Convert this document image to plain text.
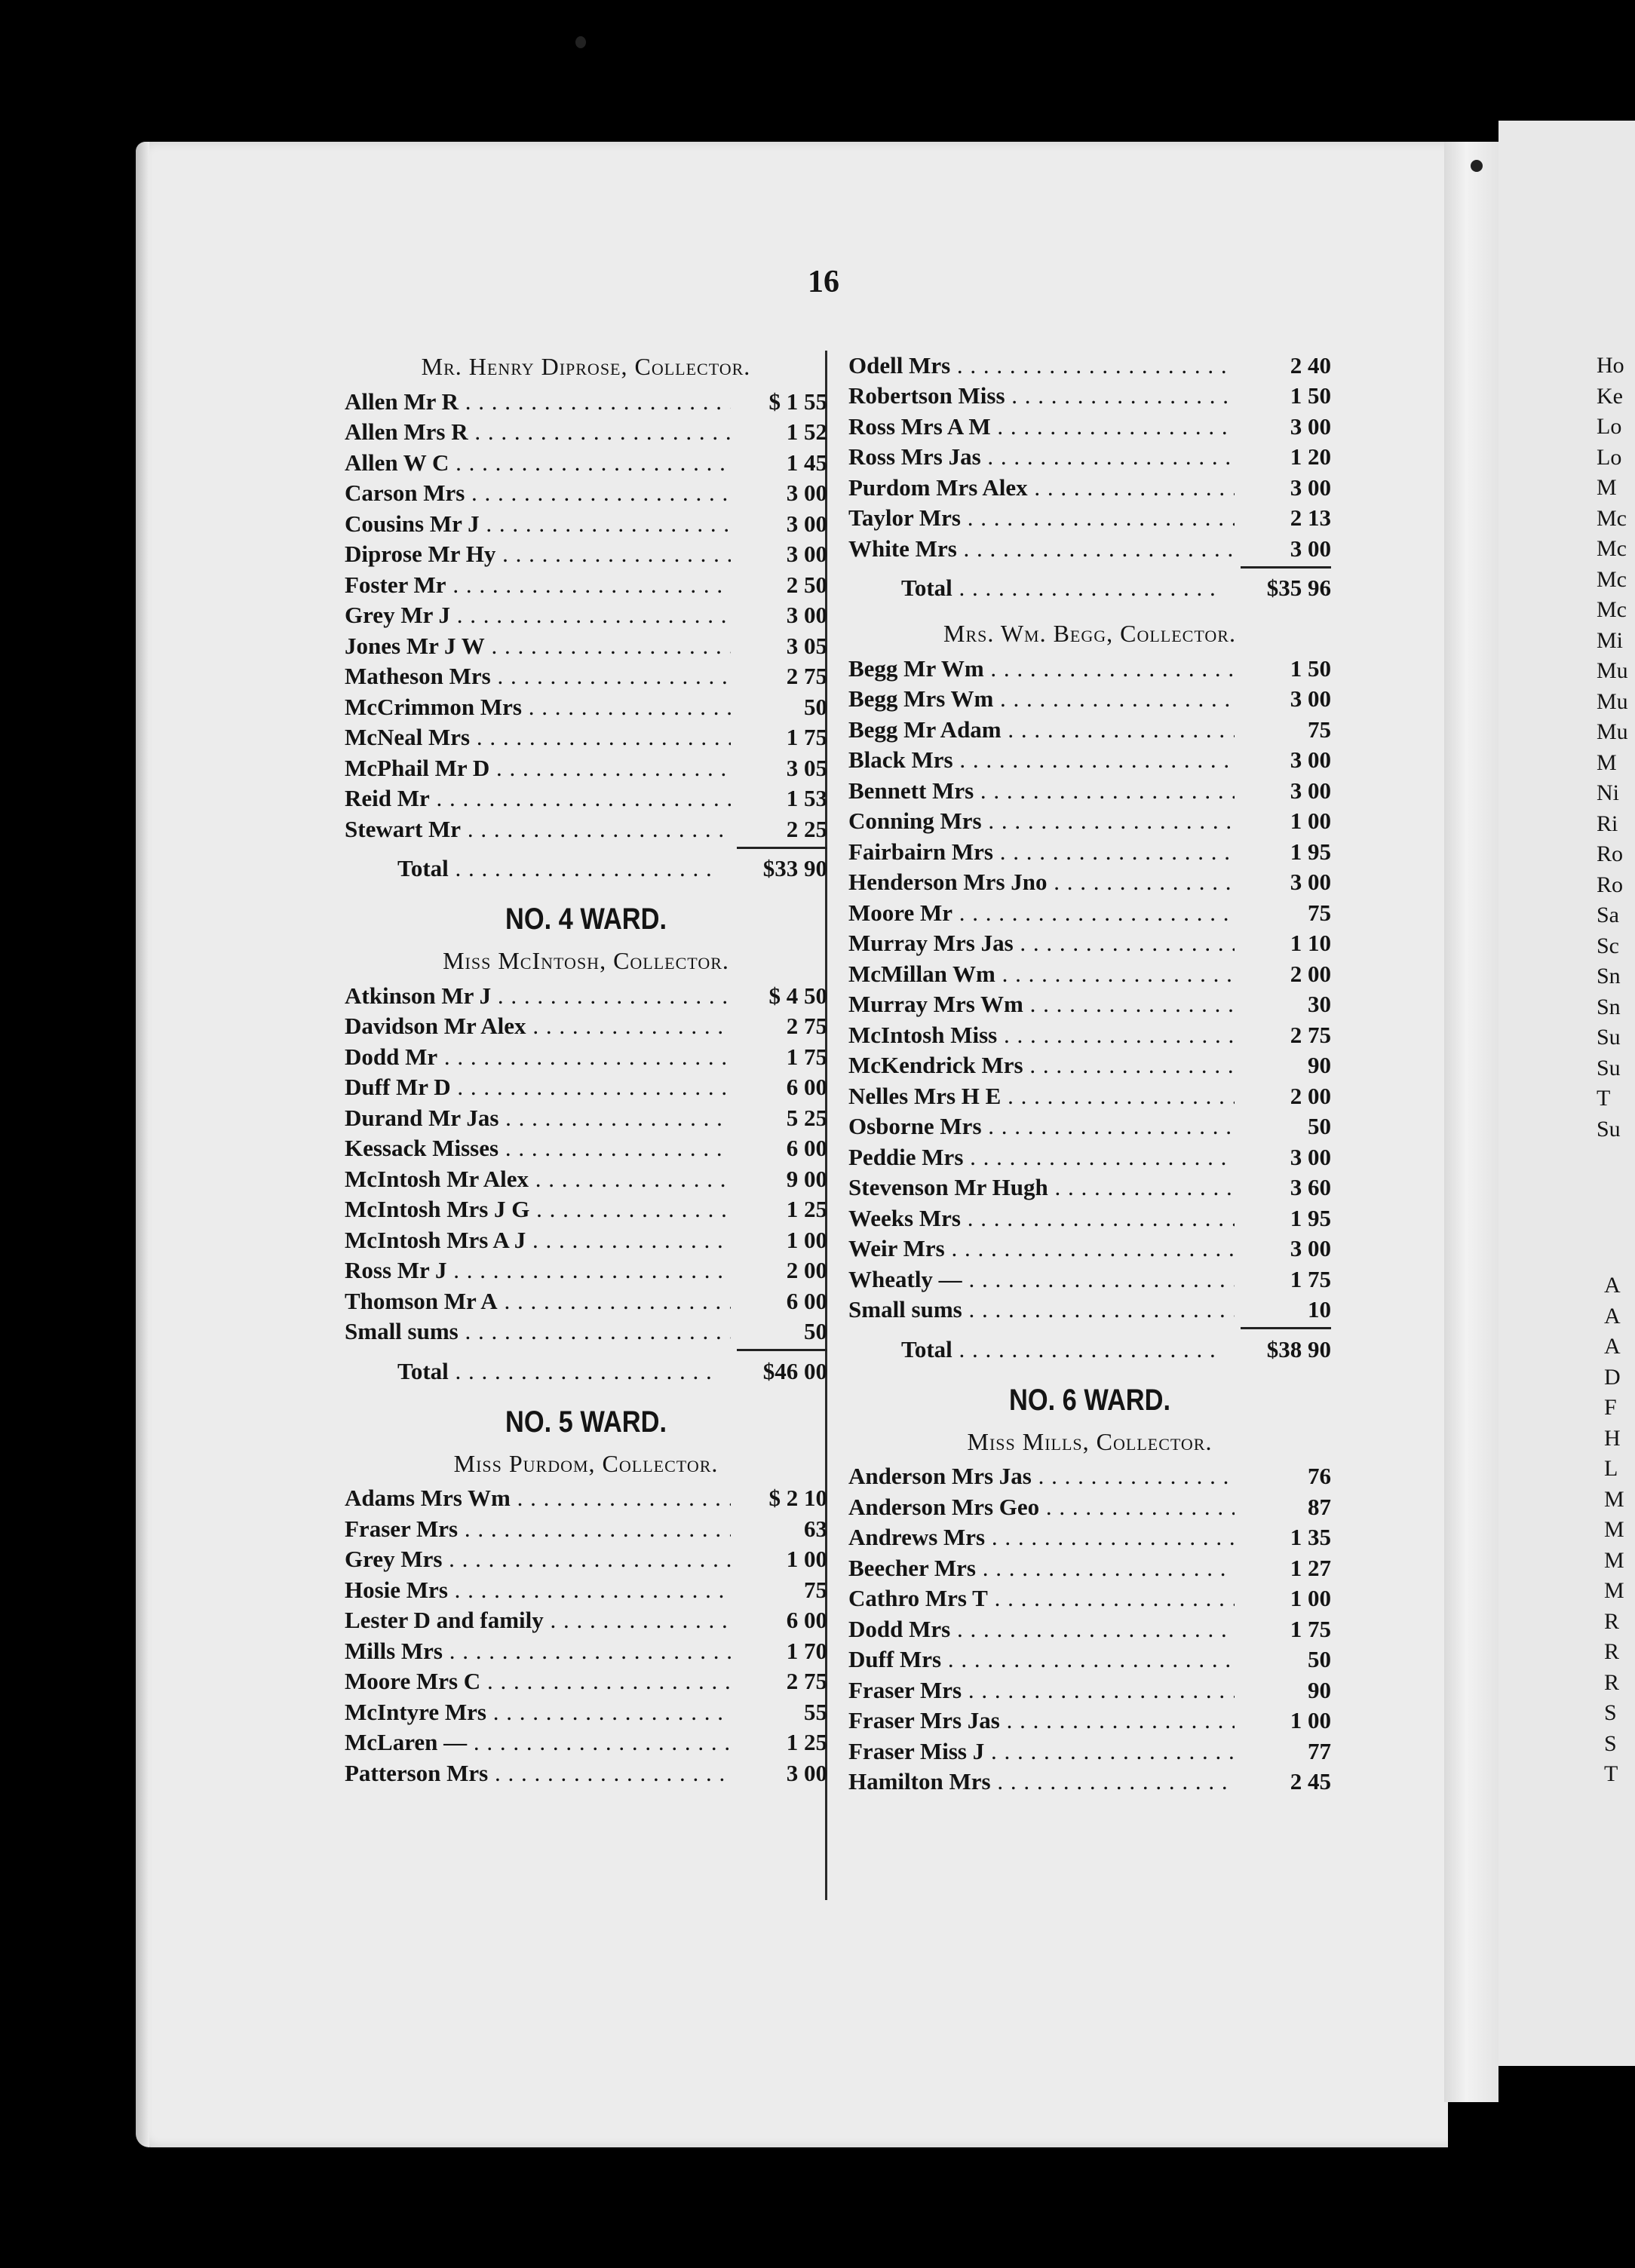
Ho
Ke
Lo
Lo
M
Mc
Mc
Mc
Mc
Mi
Mu
Mu
Mu
M
Ni
Ri
Ro
Ro
Sa
Sc
Sn
Sn
Su
Su
T
Su
A
A
A
D
F
H
L
M
M
M
M
R
R
R
S
S
T
16
Mr. Henry Diprose, Collector.
Allen Mr R . . .	$ 1 55
Allen Mrs R . . .	1 52
Allen W C . . .	1 45
Carson Mrs . . .	3 00
Cousins Mr J . . .	3 00
Diprose Mr Hy . . .	3 00
Foster Mr . . .	2 50
Grey Mr J . . .	3 00
Jones Mr J W . . .	3 05
Matheson Mrs . . .	2 75
McCrimmon Mrs . . .	50
McNeal Mrs . . .	1 75
McPhail Mr D . . .	3 05
Reid Mr . . .	1 53
Stewart Mr . . .	2 25
Total . . .	$33 90
NO. 4 WARD.
Miss McIntosh, Collector.
Atkinson Mr J . . .	$ 4 50
Davidson Mr Alex . . .	2 75
Dodd Mr . . .	1 75
Duff Mr D . . .	6 00
Durand Mr Jas . . .	5 25
Kessack Misses . . .	6 00
McIntosh Mr Alex . . .	9 00
McIntosh Mrs J G . . .	1 25
McIntosh Mrs A J . . .	1 00
Ross Mr J . . .	2 00
Thomson Mr A . . .	6 00
Small sums . . .	50
Total . . .	$46 00
NO. 5 WARD.
Miss Purdom, Collector.
Adams Mrs Wm . . .	$ 2 10
Fraser Mrs . . .	63
Grey Mrs . . .	1 00
Hosie Mrs . . .	75
Lester D and family . . .	6 00
Mills Mrs . . .	1 70
Moore Mrs C . . .	2 75
McIntyre Mrs . . .	55
McLaren — . . .	1 25
Patterson Mrs . . .	3 00
Odell Mrs . . .	2 40
Robertson Miss . . .	1 50
Ross Mrs A M . . .	3 00
Ross Mrs Jas . . .	1 20
Purdom Mrs Alex . . .	3 00
Taylor Mrs . . .	2 13
White Mrs . . .	3 00
Total . . .	$35 96
Mrs. Wm. Begg, Collector.
Begg Mr Wm . . .	1 50
Begg Mrs Wm . . .	3 00
Begg Mr Adam . . .	75
Black Mrs . . .	3 00
Bennett Mrs . . .	3 00
Conning Mrs . . .	1 00
Fairbairn Mrs . . .	1 95
Henderson Mrs Jno . . .	3 00
Moore Mr . . .	75
Murray Mrs Jas . . .	1 10
McMillan Wm . . .	2 00
Murray Mrs Wm . . .	30
McIntosh Miss . . .	2 75
McKendrick Mrs . . .	90
Nelles Mrs H E . . .	2 00
Osborne Mrs . . .	50
Peddie Mrs . . .	3 00
Stevenson Mr Hugh . . .	3 60
Weeks Mrs . . .	1 95
Weir Mrs . . .	3 00
Wheatly — . . .	1 75
Small sums . . .	10
Total . . .	$38 90
NO. 6 WARD.
Miss Mills, Collector.
Anderson Mrs Jas . . .	76
Anderson Mrs Geo . . .	87
Andrews Mrs . . .	1 35
Beecher Mrs . . .	1 27
Cathro Mrs T . . .	1 00
Dodd Mrs . . .	1 75
Duff Mrs . . .	50
Fraser Mrs . . .	90
Fraser Mrs Jas . . .	1 00
Fraser Miss J . . .	77
Hamilton Mrs . . .	2 45
